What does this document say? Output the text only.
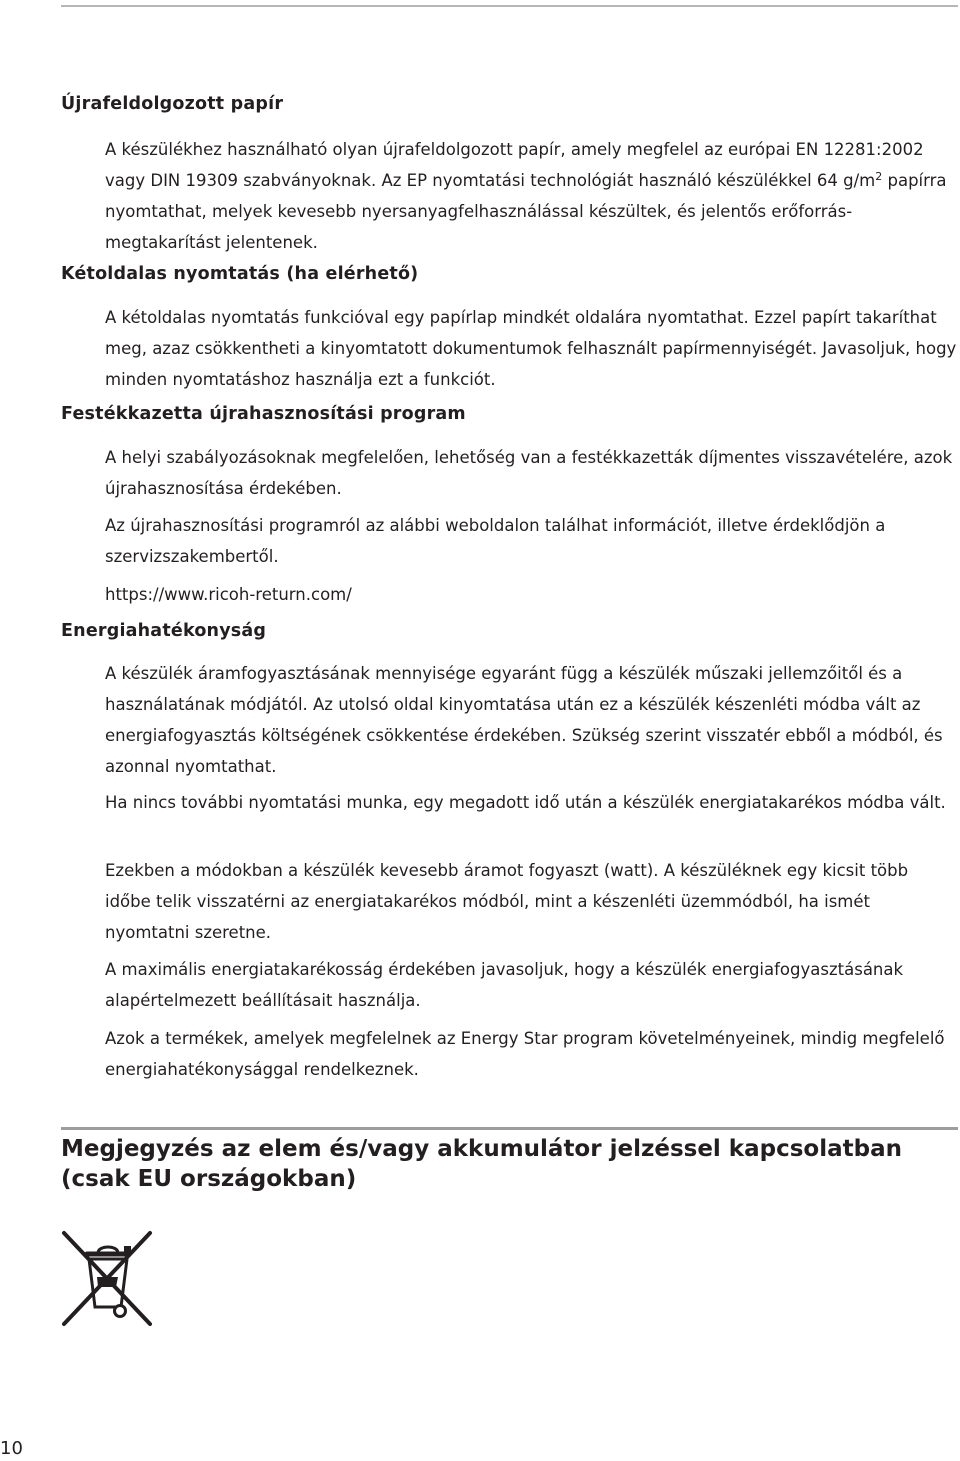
Újrafeldolgozott papír

A készülékhez használható olyan újrafeldolgozott papír, amely megfelel az európai EN 12281:2002 vagy DIN 19309 szabványoknak. Az EP nyomtatási technológiát használó készülékkel 64 $g/m^2$ papírra nyomtathat, melyek kevesebb nyersanyagfelhasználással készültek, és jelentős erőforrás-megtakarítást jelentenek.

Kétoldalas nyomtatás (ha elérhető)

A kétoldalas nyomtatás funkcióval egy papírlap mindkét oldalára nyomtathat. Ezzel papírt takaríthat meg, azaz csökkentheti a kinyomtatott dokumentumok felhasznált papírmennyiségét. Javasoljuk, hogy minden nyomtatáshoz használja ezt a funkciót.

Festékkazetta újrahasznosítási program

A helyi szabályozásoknak megfelelően, lehetőség van a festékkazetták díjmentes visszavételére, azok újrahasznosítása érdekében.

Az újrahasznosítási programról az alábbi weboldalon találhat információt, illetve érdeklődjön a szervizszakembertől.

https://www.ricoh-return.com/

Energiahatékonyság

A készülék áramfogyasztásának mennyisége egyaránt függ a készülék műszaki jellemzőitől és a használatának módjától. Az utolsó oldal kinyomtatása után ez a készülék készenléti módba vált az energiafogyasztás költségének csökkentése érdekében. Szükség szerint visszatér ebből a módból, és azonnal nyomtathat.

Ha nincs további nyomtatási munka, egy megadott idő után a készülék energiatakarékos módba vált.

Ezekben a módokban a készülék kevesebb áramot fogyaszt (watt). A készüléknek egy kicsit több időbe telik visszatérni az energiatakarékos módból, mint a készenléti üzemmódból, ha ismét nyomtatni szeretne.

A maximális energiatakarékosság érdekében javasoljuk, hogy a készülék energiafogyasztásának alapértelmezett beállításait használja.

Azok a termékek, amelyek megfelelnek az Energy Star program követelményeinek, mindig megfelelő energiahatékonysággal rendelkeznek.

Megjegyzés az elem és/vagy akkumulátor jelzéssel kapcsolatban (csak EU országokban)
10
